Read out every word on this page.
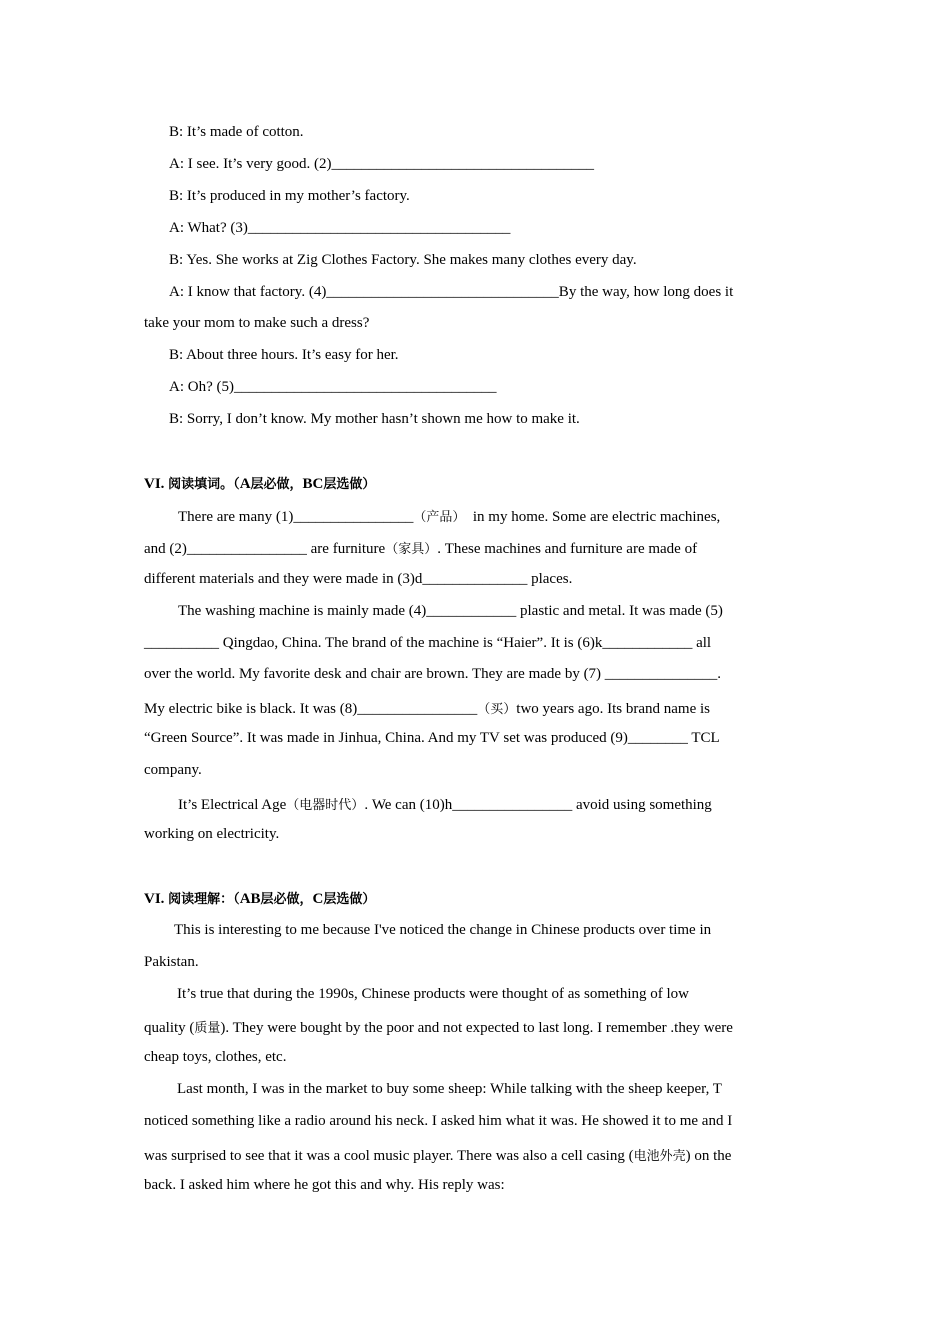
B: It’s made of cotton.
A: I see. It’s very good. (2)___________________________________
B: It’s produced in my mother’s factory.
A: What? (3)___________________________________
B: Yes. She works at Zig Clothes Factory. She makes many clothes every day.
A: I know that factory. (4)_______________________________By the way, how long does it
take your mom to make such a dress?
B: About three hours. It’s easy for her.
A: Oh? (5)___________________________________
B: Sorry, I don’t know. My mother hasn’t shown me how to make it.
VI. 阅读填词。（A层必做，BC层选做）
There are many (1)________________（产品） in my home. Some are electric machines,
and (2)________________ are furniture（家具）. These machines and furniture are made of
different materials and they were made in (3)d______________ places.
The washing machine is mainly made (4)____________ plastic and metal. It was made (5)
__________ Qingdao, China. The brand of the machine is “Haier”. It is (6)k____________ all
over the world. My favorite desk and chair are brown. They are made by (7) _______________.
My electric bike is black. It was (8)________________（买）two years ago. Its brand name is
“Green Source”. It was made in Jinhua, China. And my TV set was produced (9)________ TCL
company.
It’s Electrical Age（电器时代）. We can (10)h________________ avoid using something
working on electricity.
VI. 阅读理解：（AB层必做，C层选做）
This is interesting to me because I've noticed the change in Chinese products over time in
Pakistan.
It’s true that during the 1990s, Chinese products were thought of as something of low
quality (质量). They were bought by the poor and not expected to last long. I remember .they were
cheap toys, clothes, etc.
Last month, I was in the market to buy some sheep: While talking with the sheep keeper, T
noticed something like a radio around his neck. I asked him what it was. He showed it to me and I
was surprised to see that it was a cool music player. There was also a cell casing (电池外壳) on the
back. I asked him where he got this and why. His reply was:
